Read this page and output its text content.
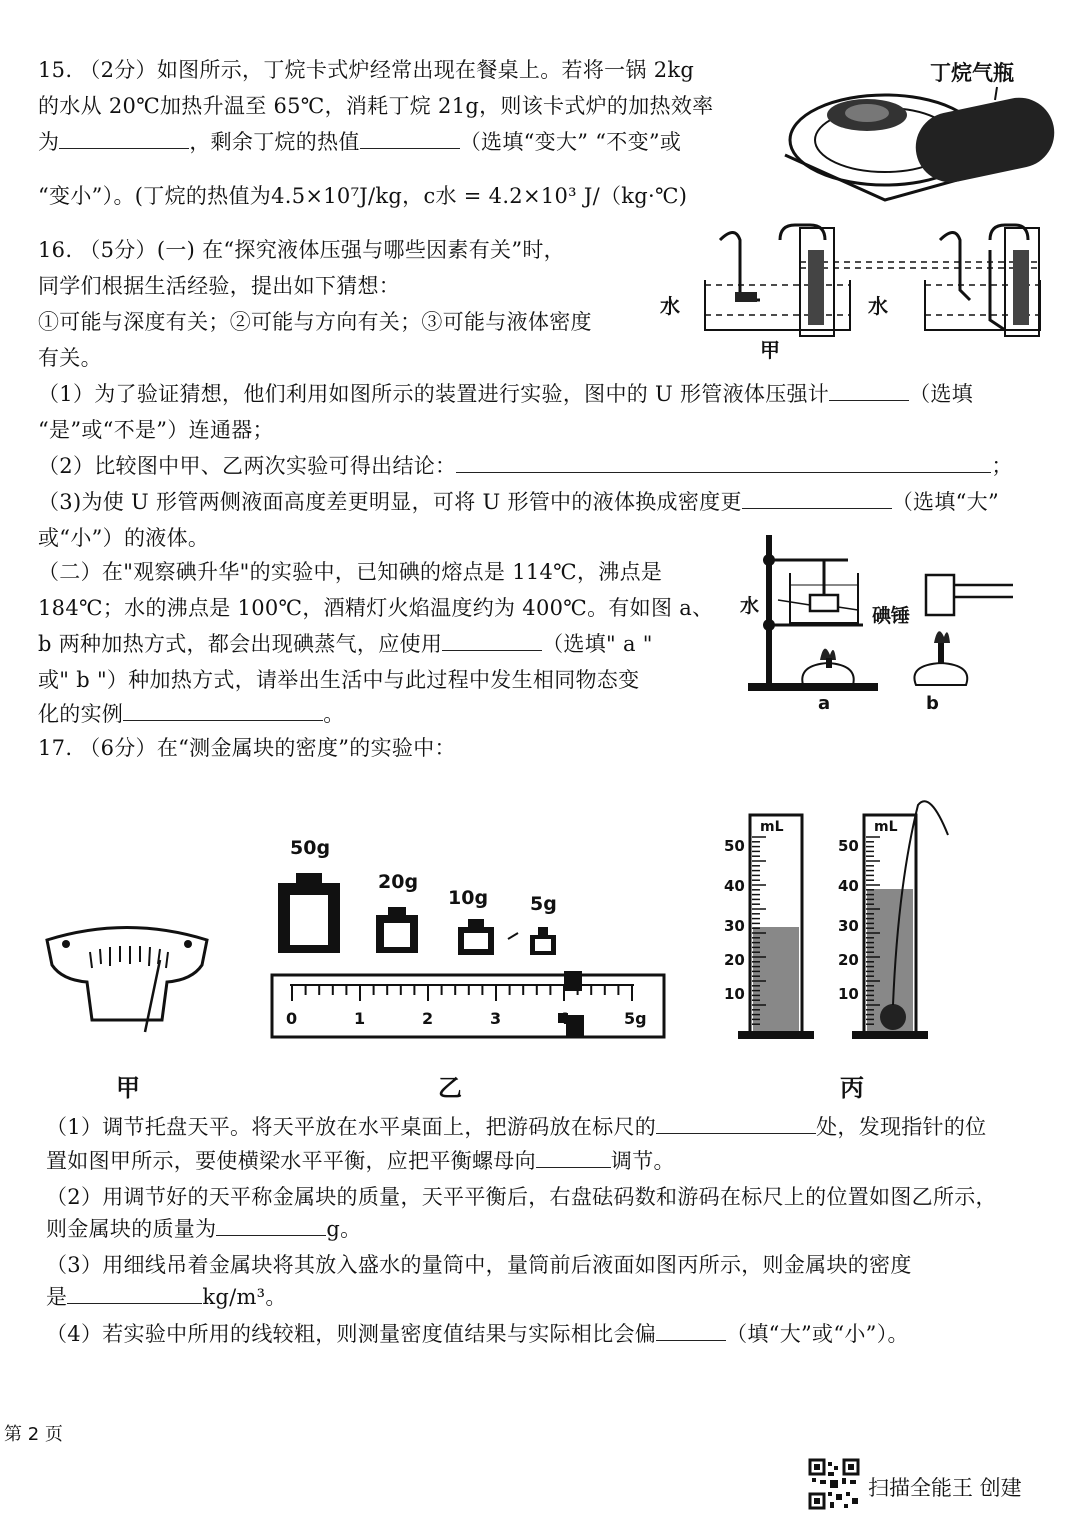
15. （2分）如图所示，丁烷卡式炉经常出现在餐桌上。若将一锅 2kg
的水从 20℃加热升温至 65℃，消耗丁烷 21g，则该卡式炉的加热效率
为	，剩余丁烷的热值	（选填“变大” “不变”或
“变小”）。(丁烷的热值为4.5×10⁷J/kg，c水 = 4.2×10³ J/（kg·℃)
丁烷气瓶
16. （5分）(一) 在“探究液体压强与哪些因素有关”时，
同学们根据生活经验，提出如下猜想：
①可能与深度有关；②可能与方向有关；③可能与液体密度
有关。
水	水
甲
（1）为了验证猜想，他们利用如图所示的装置进行实验，图中的 U 形管液体压强计	（选填
“是”或“不是”）连通器；
（2）比较图中甲、乙两次实验可得出结论：	；
（3)为使 U 形管两侧液面高度差更明显，可将 U 形管中的液体换成密度更	（选填“大”
或“小”）的液体。
（二）在"观察碘升华"的实验中，已知碘的熔点是 114℃，沸点是
184℃；水的沸点是 100℃，酒精灯火焰温度约为 400℃。有如图 a、
b 两种加热方式，都会出现碘蒸气，应使用	（选填" a "
或" b "）种加热方式，请举出生活中与此过程中发生相同物态变
化的实例	。
水	碘锤
a	b
17. （6分）在“测金属块的密度”的实验中：
50g
20g
10g 5g
0	1	2	3	4	5g
mL	mL
50
40
30
20
10
50
40
30
20
10
甲	乙	丙
（1）调节托盘天平。将天平放在水平桌面上，把游码放在标尺的	处，发现指针的位
置如图甲所示，要使横梁水平平衡，应把平衡螺母向	调节。
（2）用调节好的天平称金属块的质量，天平平衡后，右盘砝码数和游码在标尺上的位置如图乙所示，
则金属块的质量为	g。
（3）用细线吊着金属块将其放入盛水的量筒中，量筒前后液面如图丙所示，则金属块的密度
是	kg/m³。
（4）若实验中所用的线较粗，则测量密度值结果与实际相比会偏	（填“大”或“小”）。
第 2 页
扫描全能王 创建
